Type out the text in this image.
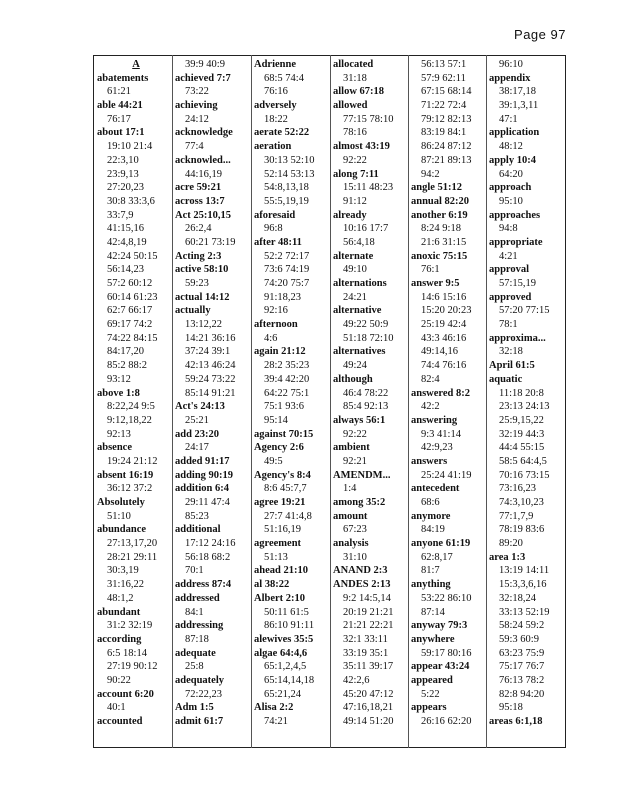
Page 97
A
abatements
61:21
able 44:21
76:17
about 17:1
19:10 21:4
22:3,10
23:9,13
27:20,23
30:8 33:3,6
33:7,9
41:15,16
42:4,8,19
42:24 50:15
56:14,23
57:2 60:12
60:14 61:23
62:7 66:17
69:17 74:2
74:22 84:15
84:17,20
85:2 88:2
93:12
above 1:8
8:22,24 9:5
9:12,18,22
92:13
absence
19:24 21:12
absent 16:19
36:12 37:2
Absolutely
51:10
abundance
27:13,17,20
28:21 29:11
30:3,19
31:16,22
48:1,2
abundant
31:2 32:19
according
6:5 18:14
27:19 90:12
90:22
account 6:20
40:1
accounted
39:9 40:9
achieved 7:7
73:22
achieving
24:12
acknowledge
77:4
acknowled...
44:16,19
acre 59:21
across 13:7
Act 25:10,15
26:2,4
60:21 73:19
Acting 2:3
active 58:10
59:23
actual 14:12
actually
13:12,22
14:21 36:16
37:24 39:1
42:13 46:24
59:24 73:22
85:14 91:21
Act's 24:13
25:21
add 23:20
24:17
added 91:17
adding 90:19
addition 6:4
29:11 47:4
85:23
additional
17:12 24:16
56:18 68:2
70:1
address 87:4
addressed
84:1
addressing
87:18
adequate
25:8
adequately
72:22,23
Adm 1:5
admit 61:7
Adrienne
68:5 74:4
76:16
adversely
18:22
aerate 52:22
aeration
30:13 52:10
52:14 53:13
54:8,13,18
55:5,19,19
aforesaid
96:8
after 48:11
52:2 72:17
73:6 74:19
74:20 75:7
91:18,23
92:16
afternoon
4:6
again 21:12
28:2 35:23
39:4 42:20
64:22 75:1
75:1 93:6
95:14
against 70:15
Agency 2:6
49:5
Agency's 8:4
8:6 45:7,7
agree 19:21
27:7 41:4,8
51:16,19
agreement
51:13
ahead 21:10
al 38:22
Albert 2:10
50:11 61:5
86:10 91:11
alewives 35:5
algae 64:4,6
65:1,2,4,5
65:14,14,18
65:21,24
Alisa 2:2
74:21
allocated
31:18
allow 67:18
allowed
77:15 78:10
78:16
almost 43:19
92:22
along 7:11
15:11 48:23
91:12
already
10:16 17:7
56:4,18
alternate
49:10
alternations
24:21
alternative
49:22 50:9
51:18 72:10
alternatives
49:24
although
46:4 78:22
85:4 92:13
always 56:1
92:22
ambient
92:21
AMENDM...
1:4
among 35:2
amount
67:23
analysis
31:10
ANAND 2:3
ANDES 2:13
9:2 14:5,14
20:19 21:21
21:21 22:21
32:1 33:11
33:19 35:1
35:11 39:17
42:2,6
45:20 47:12
47:16,18,21
49:14 51:20
56:13 57:1
57:9 62:11
67:15 68:14
71:22 72:4
79:12 82:13
83:19 84:1
86:24 87:12
87:21 89:13
94:2
angle 51:12
annual 82:20
another 6:19
8:24 9:18
21:6 31:15
anoxic 75:15
76:1
answer 9:5
14:6 15:16
15:20 20:23
25:19 42:4
43:3 46:16
49:14,16
74:4 76:16
82:4
answered 8:2
42:2
answering
9:3 41:14
42:9,23
answers
25:24 41:19
antecedent
68:6
anymore
84:19
anyone 61:19
62:8,17
81:7
anything
53:22 86:10
87:14
anyway 79:3
anywhere
59:17 80:16
appear 43:24
appeared
5:22
appears
26:16 62:20
96:10
appendix
38:17,18
39:1,3,11
47:1
application
48:12
apply 10:4
64:20
approach
95:10
approaches
94:8
appropriate
4:21
approval
57:15,19
approved
57:20 77:15
78:1
approxima...
32:18
April 61:5
aquatic
11:18 20:8
23:13 24:13
25:9,15,22
32:19 44:3
44:4 55:15
58:5 64:4,5
70:16 73:15
73:16,23
74:3,10,23
77:1,7,9
78:19 83:6
89:20
area 1:3
13:19 14:11
15:3,3,6,16
32:18,24
33:13 52:19
58:24 59:2
59:3 60:9
63:23 75:9
75:17 76:7
76:13 78:2
82:8 94:20
95:18
areas 6:1,18
